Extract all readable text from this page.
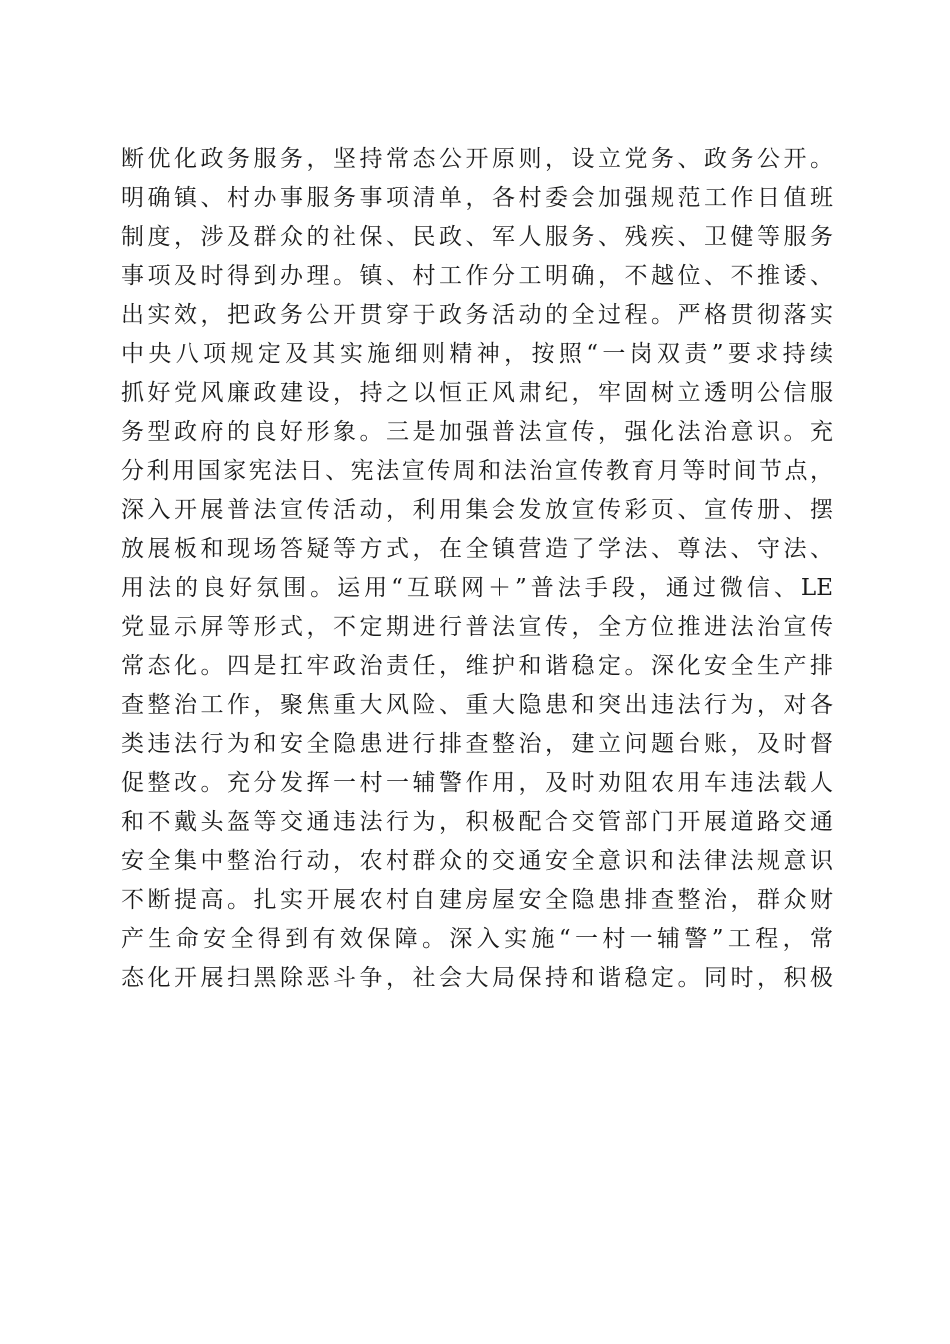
断优化政务服务，坚持常态公开原则，设立党务、政务公开。
明确镇、村办事服务事项清单，各村委会加强规范工作日值班
制度，涉及群众的社保、民政、军人服务、残疾、卫健等服务
事项及时得到办理。镇、村工作分工明确，不越位、不推诿、
出实效，把政务公开贯穿于政务活动的全过程。严格贯彻落实
中央八项规定及其实施细则精神，按照“一岗双责”要求持续
抓好党风廉政建设，持之以恒正风肃纪，牢固树立透明公信服
务型政府的良好形象。三是加强普法宣传，强化法治意识。充
分利用国家宪法日、宪法宣传周和法治宣传教育月等时间节点，
深入开展普法宣传活动，利用集会发放宣传彩页、宣传册、摆
放展板和现场答疑等方式，在全镇营造了学法、尊法、守法、
用法的良好氛围。运用“互联网＋”普法手段，通过微信、LE
党显示屏等形式，不定期进行普法宣传，全方位推进法治宣传
常态化。四是扛牢政治责任，维护和谐稳定。深化安全生产排
查整治工作，聚焦重大风险、重大隐患和突出违法行为，对各
类违法行为和安全隐患进行排查整治，建立问题台账，及时督
促整改。充分发挥一村一辅警作用，及时劝阻农用车违法载人
和不戴头盔等交通违法行为，积极配合交管部门开展道路交通
安全集中整治行动，农村群众的交通安全意识和法律法规意识
不断提高。扎实开展农村自建房屋安全隐患排查整治，群众财
产生命安全得到有效保障。深入实施“一村一辅警”工程，常
态化开展扫黑除恶斗争，社会大局保持和谐稳定。同时，积极
